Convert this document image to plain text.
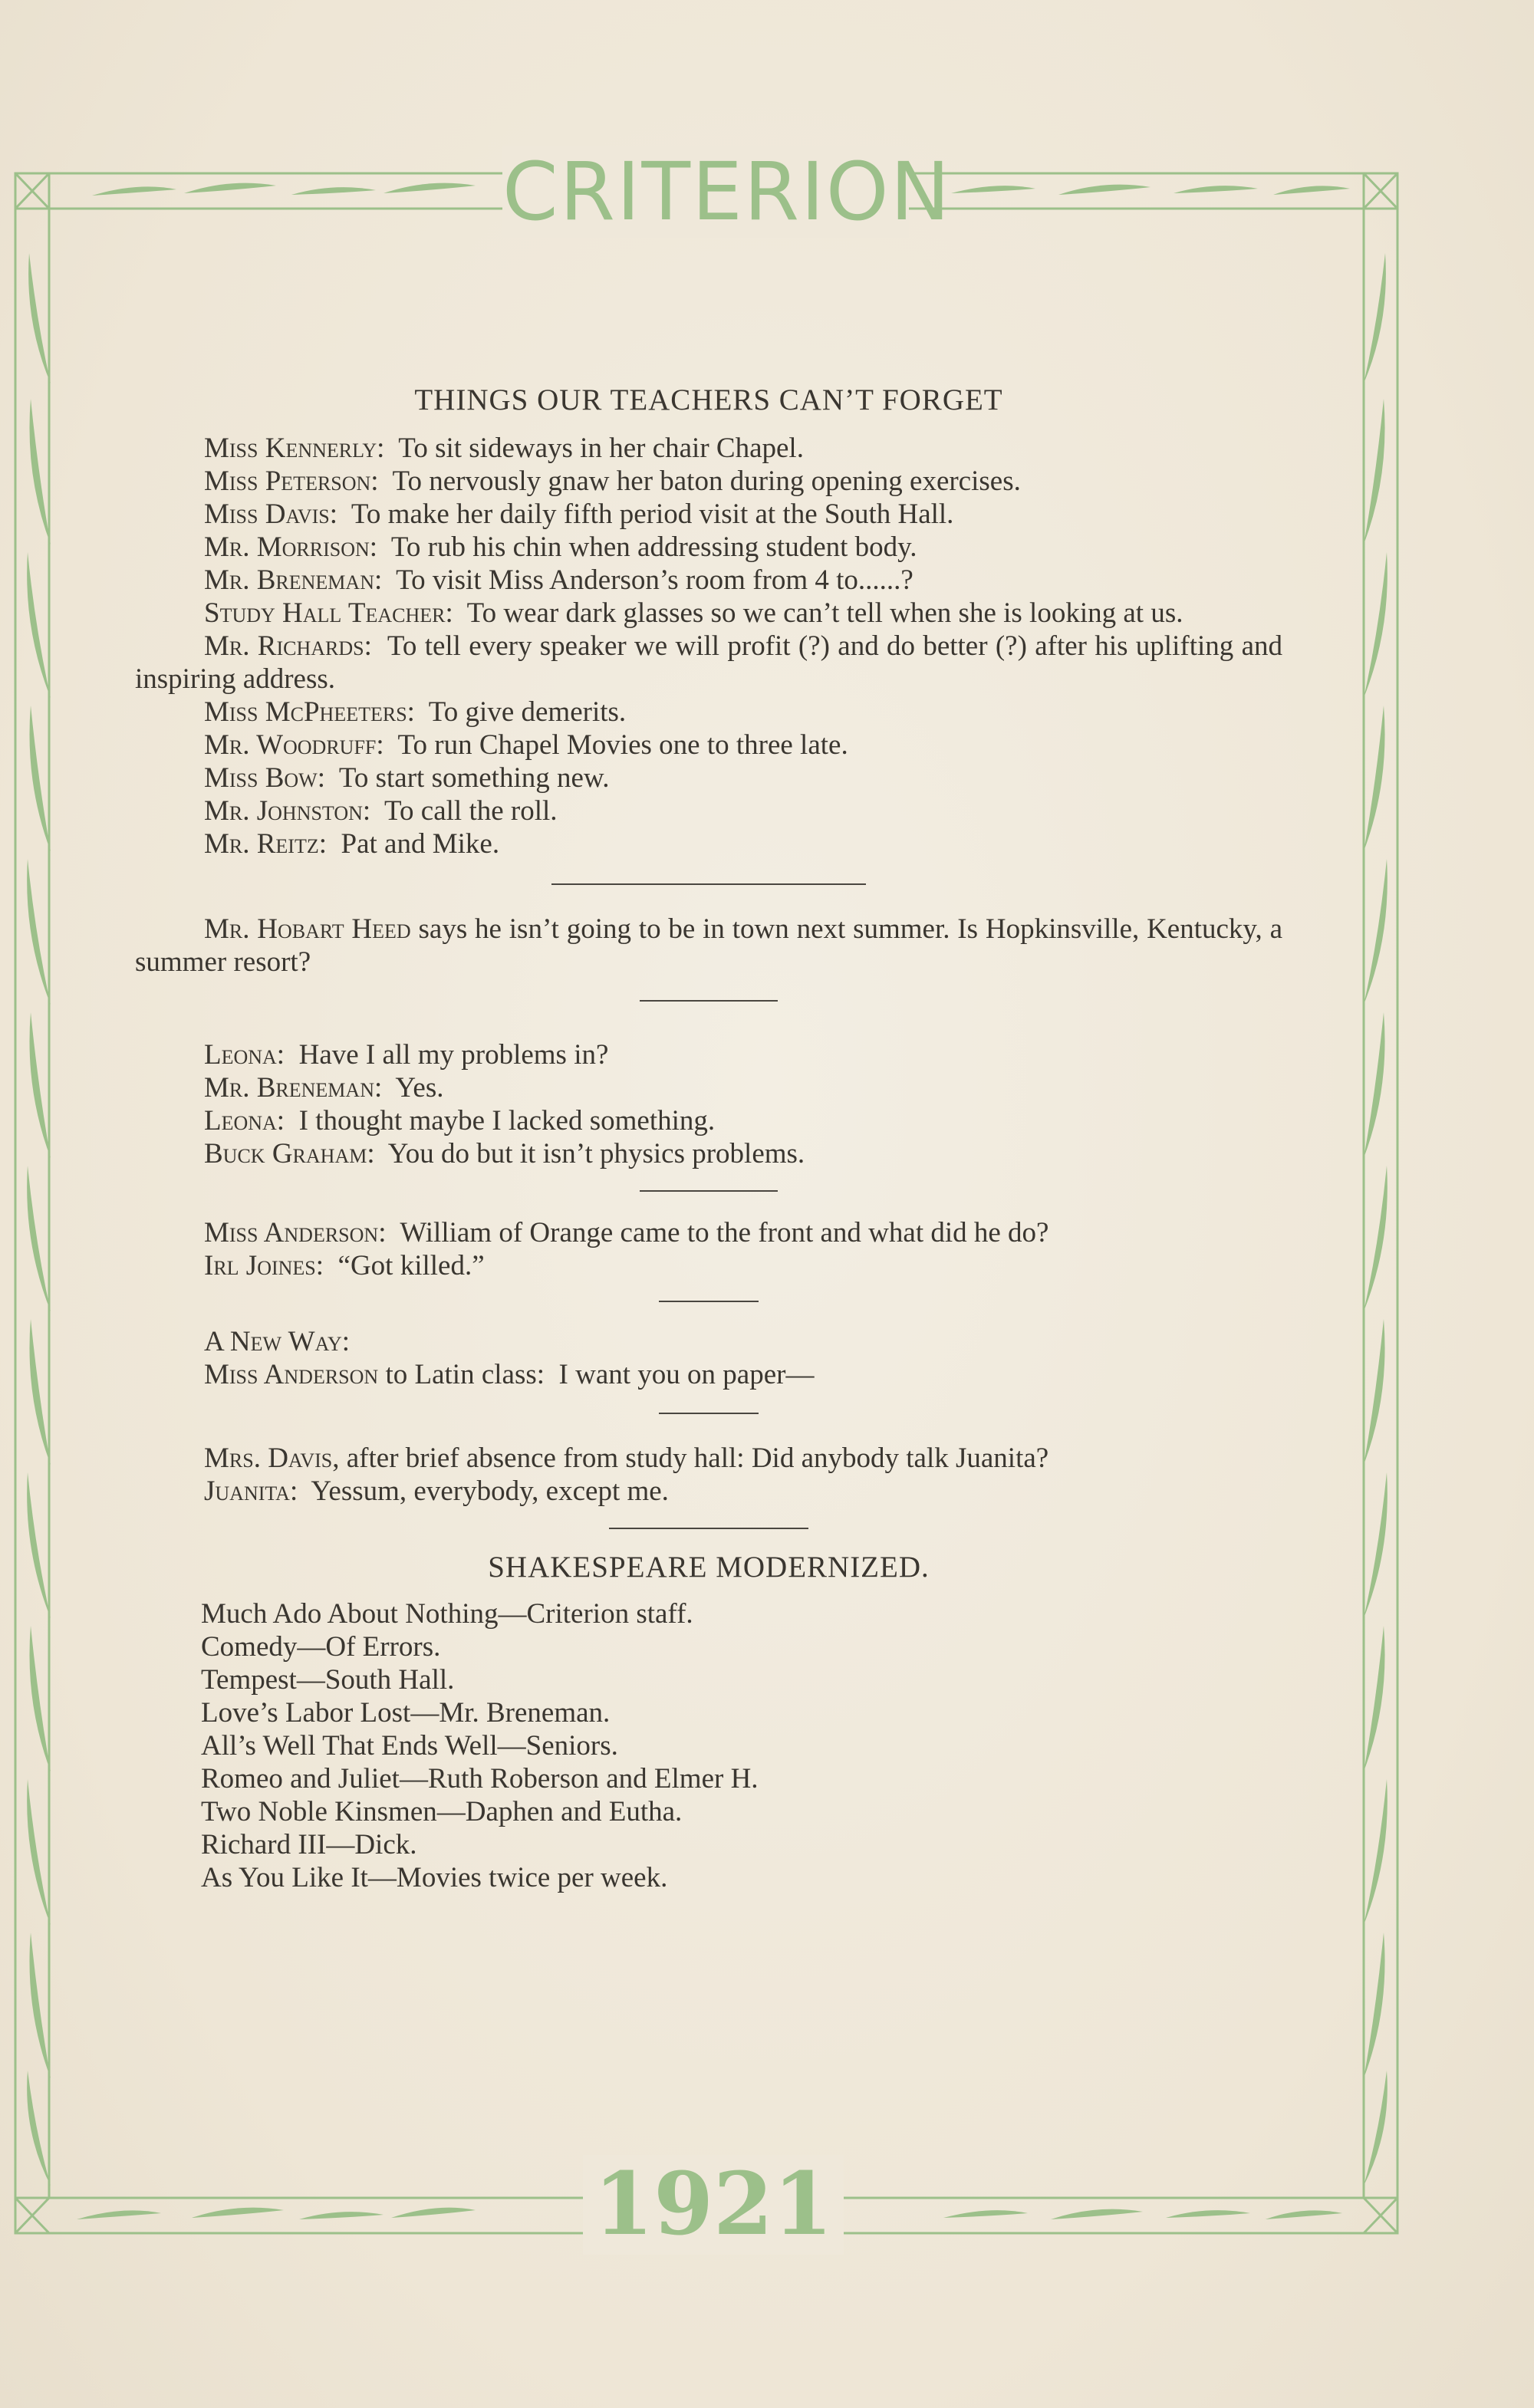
CRITERION
1921

THINGS OUR TEACHERS CAN’T FORGET

Miss Kennerly: To sit sideways in her chair Chapel.

Miss Peterson: To nervously gnaw her baton during opening exercises.

Miss Davis: To make her daily fifth period visit at the South Hall.

Mr. Morrison: To rub his chin when addressing student body.

Mr. Breneman: To visit Miss Anderson’s room from 4 to......?

Study Hall Teacher: To wear dark glasses so we can’t tell when she is looking at us.

Mr. Richards: To tell every speaker we will profit (?) and do better (?) after his uplifting and inspiring address.

Miss McPheeters: To give demerits.

Mr. Woodruff: To run Chapel Movies one to three late.

Miss Bow: To start something new.

Mr. Johnston: To call the roll.

Mr. Reitz: Pat and Mike.

Mr. Hobart Heed says he isn’t going to be in town next summer. Is Hopkinsville, Kentucky, a summer resort?

Leona: Have I all my problems in?

Mr. Breneman: Yes.

Leona: I thought maybe I lacked something.

Buck Graham: You do but it isn’t physics problems.

Miss Anderson: William of Orange came to the front and what did he do?

Irl Joines: “Got killed.”

A New Way:

Miss Anderson to Latin class: I want you on paper—

Mrs. Davis, after brief absence from study hall: Did anybody talk Juanita?

Juanita: Yessum, everybody, except me.

SHAKESPEARE MODERNIZED.

Much Ado About Nothing—Criterion staff.

Comedy—Of Errors.

Tempest—South Hall.

Love’s Labor Lost—Mr. Breneman.

All’s Well That Ends Well—Seniors.

Romeo and Juliet—Ruth Roberson and Elmer H.

Two Noble Kinsmen—Daphen and Eutha.

Richard III—Dick.

As You Like It—Movies twice per week.
